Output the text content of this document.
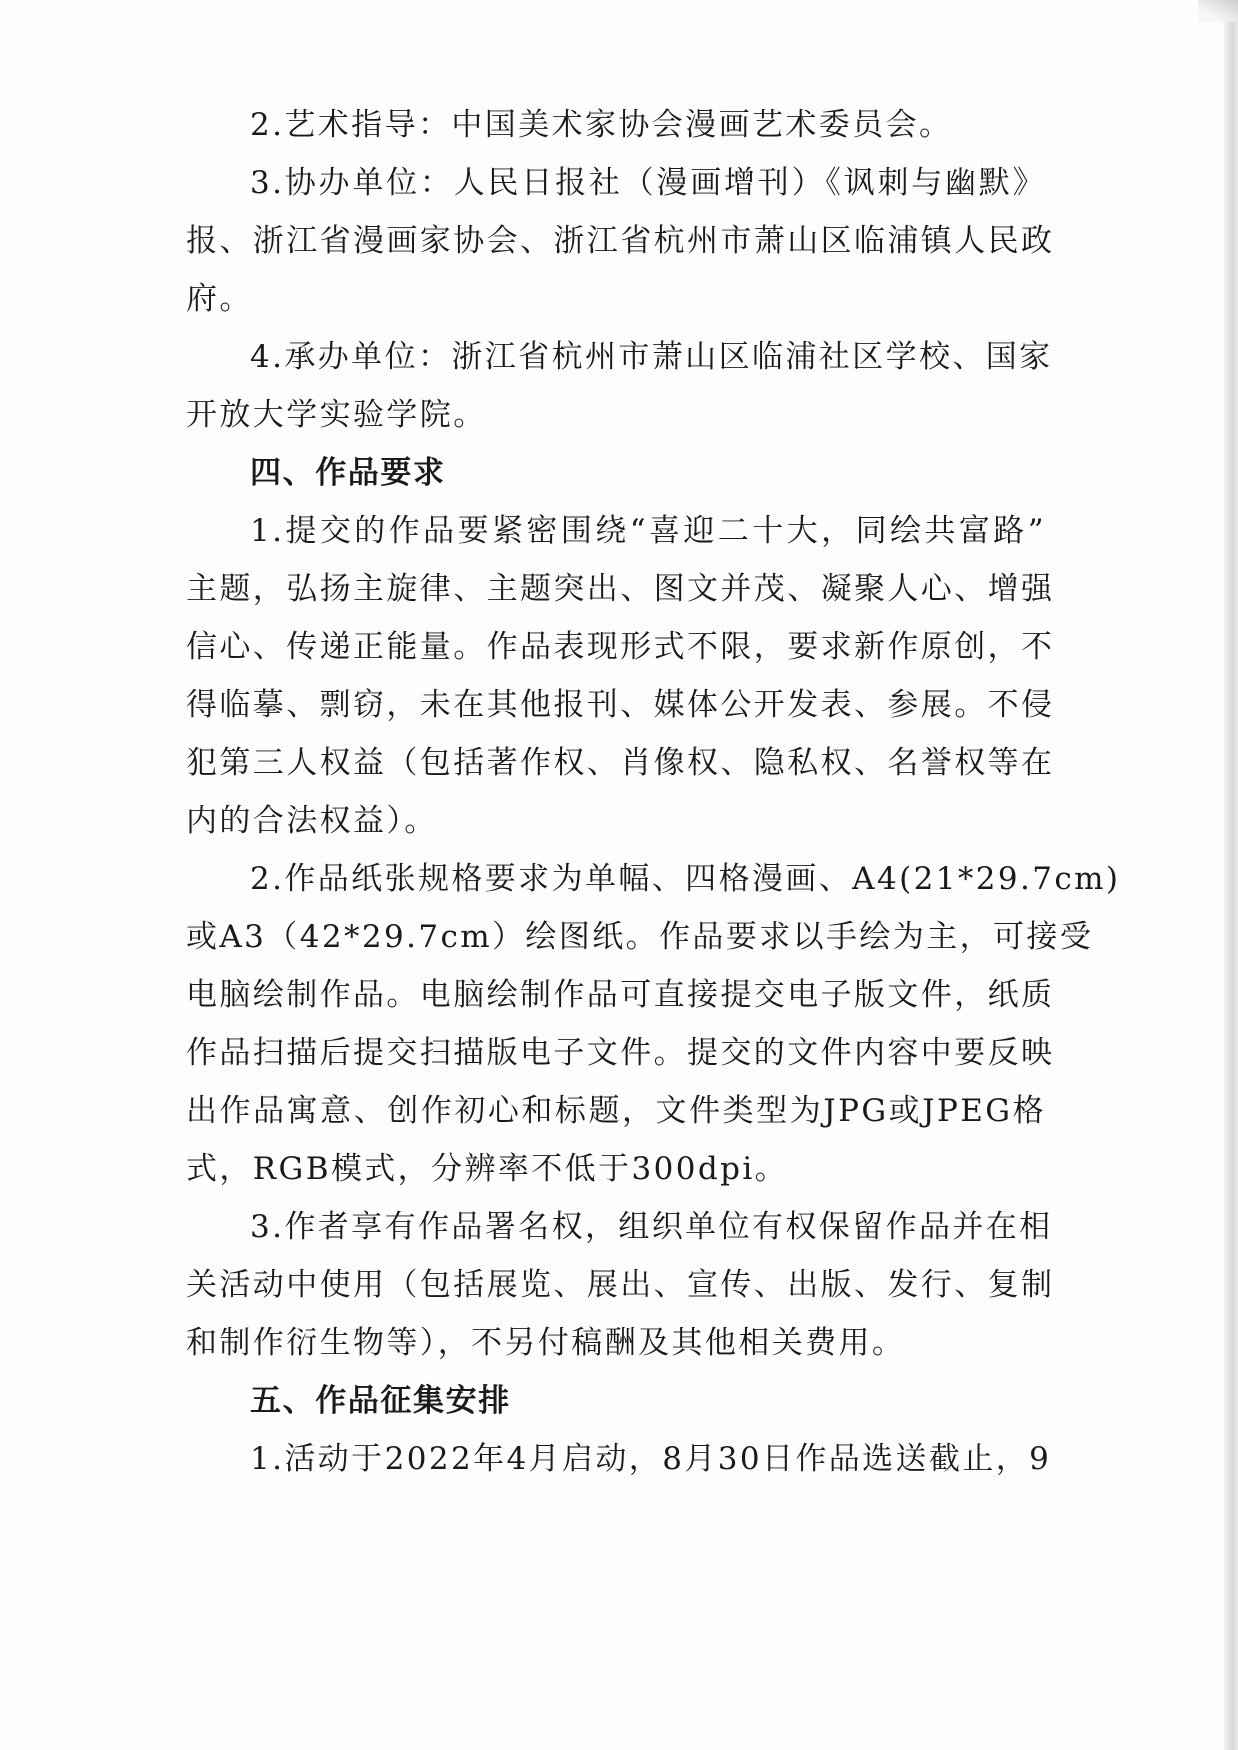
2.艺术指导：中国美术家协会漫画艺术委员会。
3.协办单位：人民日报社（漫画增刊）《讽刺与幽默》
报、浙江省漫画家协会、浙江省杭州市萧山区临浦镇人民政
府。
4.承办单位：浙江省杭州市萧山区临浦社区学校、国家
开放大学实验学院。
四、作品要求
1.提交的作品要紧密围绕“喜迎二十大，同绘共富路”
主题，弘扬主旋律、主题突出、图文并茂、凝聚人心、增强
信心、传递正能量。作品表现形式不限，要求新作原创，不
得临摹、剽窃，未在其他报刊、媒体公开发表、参展。不侵
犯第三人权益（包括著作权、肖像权、隐私权、名誉权等在
内的合法权益）。
2.作品纸张规格要求为单幅、四格漫画、A4(21*29.7cm)
或A3（42*29.7cm）绘图纸。作品要求以手绘为主，可接受
电脑绘制作品。电脑绘制作品可直接提交电子版文件，纸质
作品扫描后提交扫描版电子文件。提交的文件内容中要反映
出作品寓意、创作初心和标题，文件类型为JPG或JPEG格
式，RGB模式，分辨率不低于300dpi。
3.作者享有作品署名权，组织单位有权保留作品并在相
关活动中使用（包括展览、展出、宣传、出版、发行、复制
和制作衍生物等），不另付稿酬及其他相关费用。
五、作品征集安排
1.活动于2022年4月启动，8月30日作品选送截止，9
